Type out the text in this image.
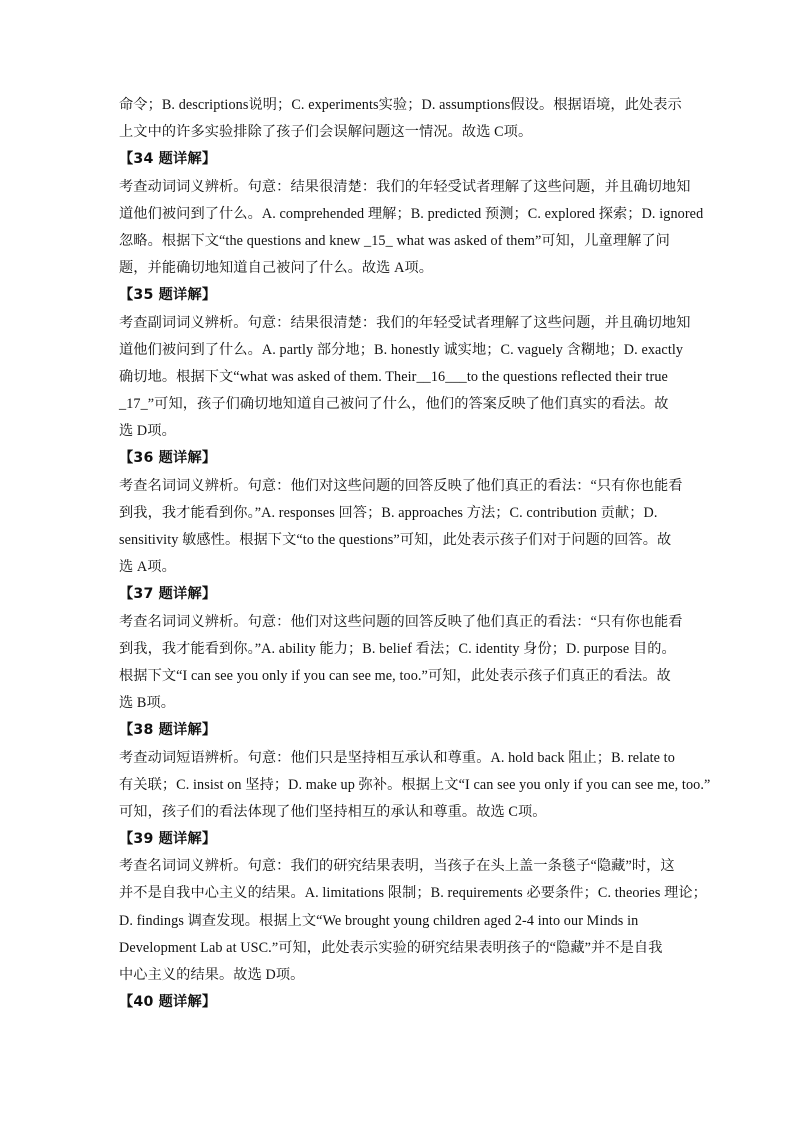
命令；B. descriptions说明；C. experiments实验；D. assumptions假设。根据语境，此处表示
上文中的许多实验排除了孩子们会误解问题这一情况。故选 C项。
【34 题详解】
考查动词词义辨析。句意：结果很清楚：我们的年轻受试者理解了这些问题，并且确切地知
道他们被问到了什么。A. comprehended 理解；B. predicted 预测；C. explored 探索；D. ignored
忽略。根据下文“the questions and knew _15_ what was asked of them”可知，儿童理解了问
题，并能确切地知道自己被问了什么。故选 A项。
【35 题详解】
考查副词词义辨析。句意：结果很清楚：我们的年轻受试者理解了这些问题，并且确切地知
道他们被问到了什么。A. partly 部分地；B. honestly 诚实地；C. vaguely 含糊地；D. exactly
确切地。根据下文“what was asked of them. Their__16___to the questions reflected their true
_17_”可知，孩子们确切地知道自己被问了什么，他们的答案反映了他们真实的看法。故
选 D项。
【36 题详解】
考查名词词义辨析。句意：他们对这些问题的回答反映了他们真正的看法：“只有你也能看
到我，我才能看到你。”A. responses 回答；B. approaches 方法；C. contribution 贡献；D.
sensitivity 敏感性。根据下文“to the questions”可知，此处表示孩子们对于问题的回答。故
选 A项。
【37 题详解】
考查名词词义辨析。句意：他们对这些问题的回答反映了他们真正的看法：“只有你也能看
到我，我才能看到你。”A. ability 能力；B. belief 看法；C. identity 身份；D. purpose 目的。
根据下文“I can see you only if you can see me, too.”可知，此处表示孩子们真正的看法。故
选 B项。
【38 题详解】
考查动词短语辨析。句意：他们只是坚持相互承认和尊重。A. hold back 阻止；B. relate to
有关联；C. insist on 坚持；D. make up 弥补。根据上文“I can see you only if you can see me, too.”
可知，孩子们的看法体现了他们坚持相互的承认和尊重。故选 C项。
【39 题详解】
考查名词词义辨析。句意：我们的研究结果表明，当孩子在头上盖一条毯子“隐藏”时，这
并不是自我中心主义的结果。A. limitations 限制；B. requirements 必要条件；C. theories 理论；
D. findings 调查发现。根据上文“We brought young children aged 2-4 into our Minds in
Development Lab at USC.”可知，此处表示实验的研究结果表明孩子的“隐藏”并不是自我
中心主义的结果。故选 D项。
【40 题详解】
